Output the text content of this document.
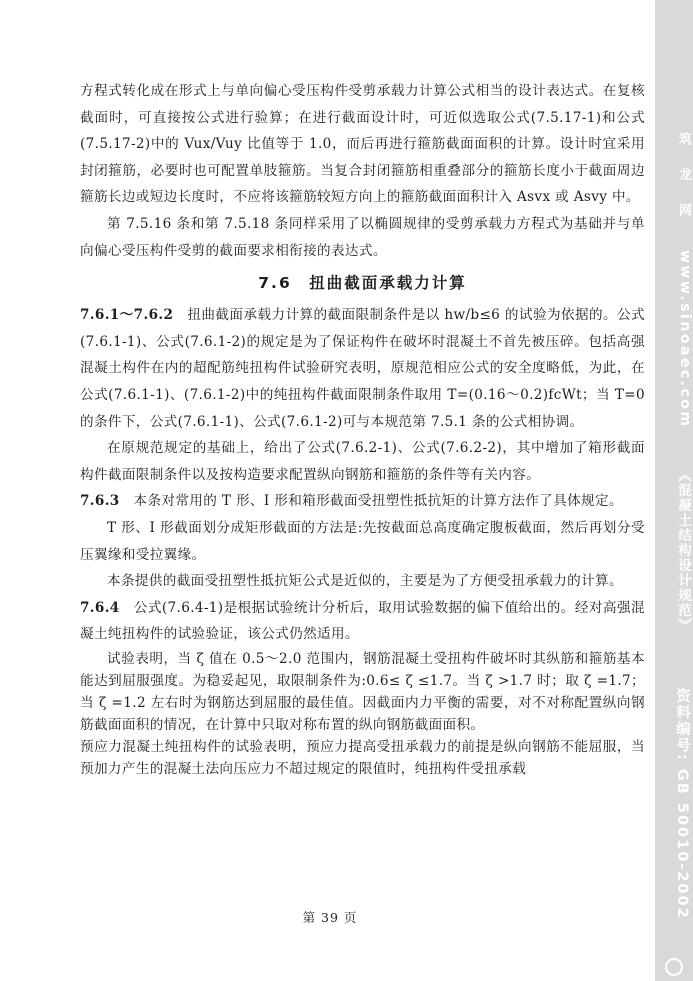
方程式转化成在形式上与单向偏心受压构件受剪承载力计算公式相当的设计表达式。在复核截面时，可直接按公式进行验算；在进行截面设计时，可近似选取公式(7.5.17-1)和公式(7.5.17-2)中的 Vux/Vuy 比值等于 1.0，而后再进行箍筋截面面积的计算。设计时宜采用封闭箍筋，必要时也可配置单肢箍筋。当复合封闭箍筋相重叠部分的箍筋长度小于截面周边箍筋长边或短边长度时，不应将该箍筋较短方向上的箍筋截面面积计入 Asvx 或 Asvy 中。

第 7.5.16 条和第 7.5.18 条同样采用了以椭圆规律的受剪承载力方程式为基础并与单向偏心受压构件受剪的截面要求相衔接的表达式。

7.6　扭曲截面承载力计算

7.6.1～7.6.2　 扭曲截面承载力计算的截面限制条件是以 hw/b≤6 的试验为依据的。公式(7.6.1-1)、公式(7.6.1-2)的规定是为了保证构件在破坏时混凝土不首先被压碎。包括高强混凝土构件在内的超配筋纯扭构件试验研究表明，原规范相应公式的安全度略低，为此，在公式(7.6.1-1)、(7.6.1-2)中的纯扭构件截面限制条件取用 T=(0.16～0.2)fcWt；当 T=0 的条件下，公式(7.6.1-1)、公式(7.6.1-2)可与本规范第 7.5.1 条的公式相协调。

在原规范规定的基础上，给出了公式(7.6.2-1)、公式(7.6.2-2)，其中增加了箱形截面构件截面限制条件以及按构造要求配置纵向钢筋和箍筋的条件等有关内容。

7.6.3　 本条对常用的 T 形、I 形和箱形截面受扭塑性抵抗矩的计算方法作了具体规定。

T 形、I 形截面划分成矩形截面的方法是:先按截面总高度确定腹板截面，然后再划分受压翼缘和受拉翼缘。

本条提供的截面受扭塑性抵抗矩公式是近似的，主要是为了方便受扭承载力的计算。

7.6.4　 公式(7.6.4-1)是根据试验统计分析后，取用试验数据的偏下值给出的。经对高强混凝土纯扭构件的试验验证，该公式仍然适用。

试验表明，当 ζ 值在 0.5～2.0 范围内，钢筋混凝土受扭构件破坏时其纵筋和箍筋基本能达到屈服强度。为稳妥起见，取限制条件为:0.6≤ ζ ≤1.7。当 ζ >1.7 时；取 ζ =1.7；当 ζ =1.2 左右时为钢筋达到屈服的最佳值。因截面内力平衡的需要，对不对称配置纵向钢筋截面面积的情况，在计算中只取对称布置的纵向钢筋截面面积。

预应力混凝土纯扭构件的试验表明，预应力提高受扭承载力的前提是纵向钢筋不能屈服，当预加力产生的混凝土法向压应力不超过规定的限值时，纯扭构件受扭承载

第 39 页
筑 龙 网
www.sinoaec.com
《混凝土结构设计规范》
资料编号: GB 50010-2002
